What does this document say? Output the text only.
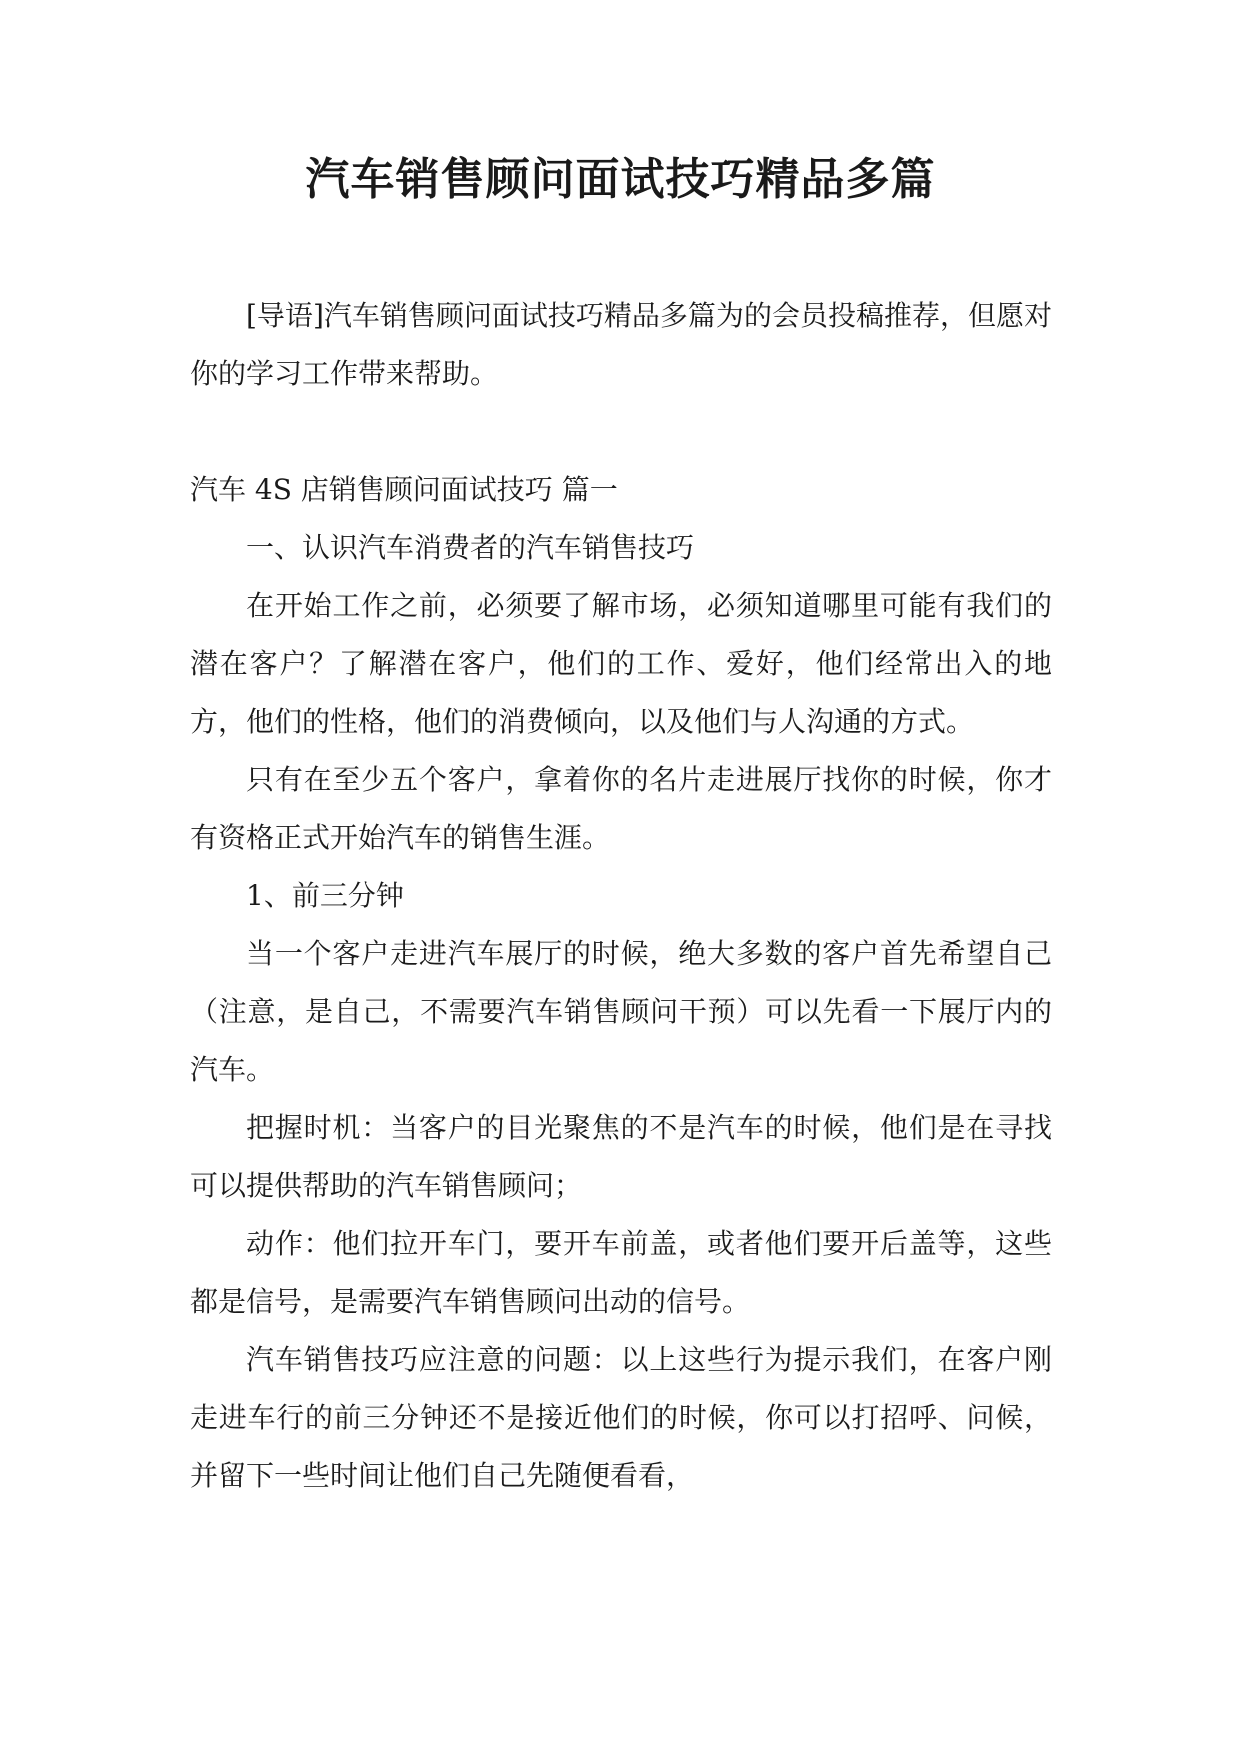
汽车销售顾问面试技巧精品多篇

[导语]汽车销售顾问面试技巧精品多篇为的会员投稿推荐，但愿对你的学习工作带来帮助。

汽车 4S 店销售顾问面试技巧 篇一

一、认识汽车消费者的汽车销售技巧

在开始工作之前，必须要了解市场，必须知道哪里可能有我们的潜在客户？了解潜在客户，他们的工作、爱好，他们经常出入的地方，他们的性格，他们的消费倾向，以及他们与人沟通的方式。

只有在至少五个客户，拿着你的名片走进展厅找你的时候，你才有资格正式开始汽车的销售生涯。

1、前三分钟

当一个客户走进汽车展厅的时候，绝大多数的客户首先希望自己（注意，是自己，不需要汽车销售顾问干预）可以先看一下展厅内的汽车。

把握时机：当客户的目光聚焦的不是汽车的时候，他们是在寻找可以提供帮助的汽车销售顾问；

动作：他们拉开车门，要开车前盖，或者他们要开后盖等，这些都是信号，是需要汽车销售顾问出动的信号。

汽车销售技巧应注意的问题：以上这些行为提示我们，在客户刚走进车行的前三分钟还不是接近他们的时候，你可以打招呼、问候，并留下一些时间让他们自己先随便看看，
